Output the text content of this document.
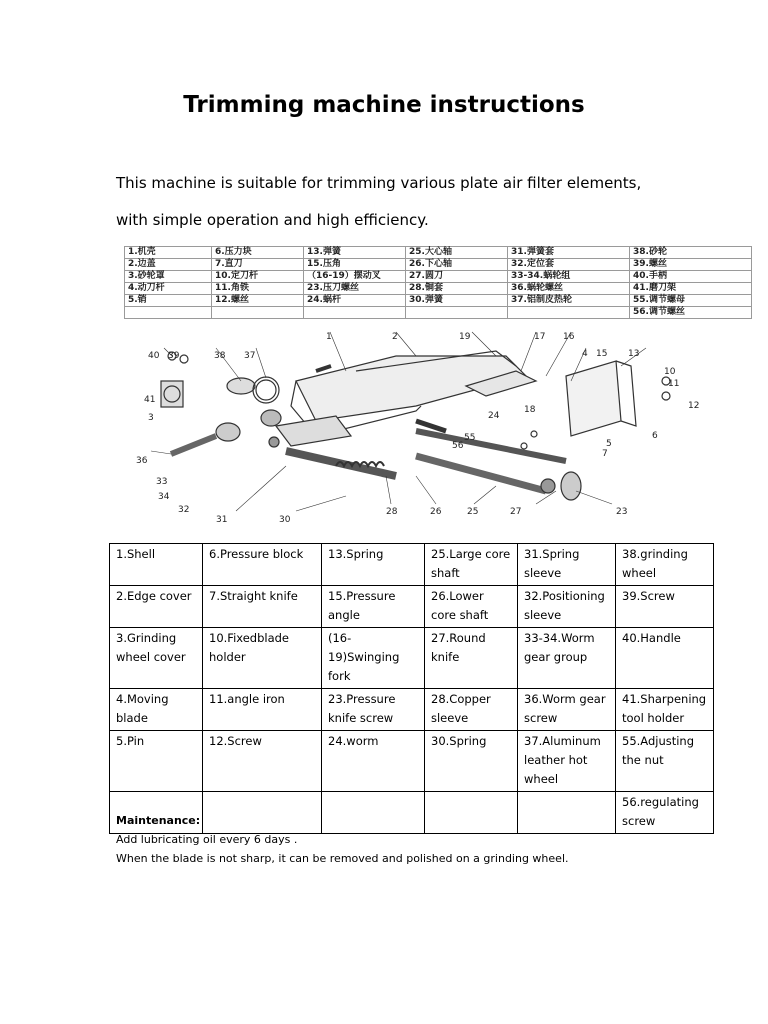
Trimming machine instructions
This machine is suitable for trimming various plate air filter elements,
with simple operation and high efficiency.
1.机壳	6.压力块	13.弹簧	25.大心轴	31.弹簧套	38.砂轮
2.边盖	7.直刀	15.压角	26.下心轴	32.定位套	39.螺丝
3.砂轮罩	10.定刀杆	（16-19）摆动叉	27.圆刀	33-34.蜗轮组	40.手柄
4.动刀杆	11.角铁	23.压刀螺丝	28.铜套	36.蜗轮螺丝	41.磨刀架
5.销	12.螺丝	24.蜗杆	30.弹簧	37.铝制皮热轮	55.调节螺母
					56.调节螺丝
1	2
3
4
5
6
7
10
11
12
13
15
16
17
18
19
23
24
25
26	27
28
30
31
32
33
34
36
37
38
39
40
41
55
56
1.Shell	6.Pressure block	13.Spring	25.Large core shaft	31.Spring sleeve	38.grinding wheel
2.Edge cover	7.Straight knife	15.Pressure angle	26.Lower core shaft	32.Positioning sleeve	39.Screw
3.Grinding wheel cover	10.Fixedblade holder	(16-19)Swinging fork	27.Round knife	33-34.Worm gear group	40.Handle
4.Moving blade	11.angle iron	23.Pressure knife screw	28.Copper sleeve	36.Worm gear screw	41.Sharpening tool holder
5.Pin	12.Screw	24.worm	30.Spring	37.Aluminum leather hot wheel	55.Adjusting the nut
					56.regulating screw
Maintenance:
Add lubricating oil every 6 days .
When the blade is not sharp, it can be removed and polished on a grinding wheel.
